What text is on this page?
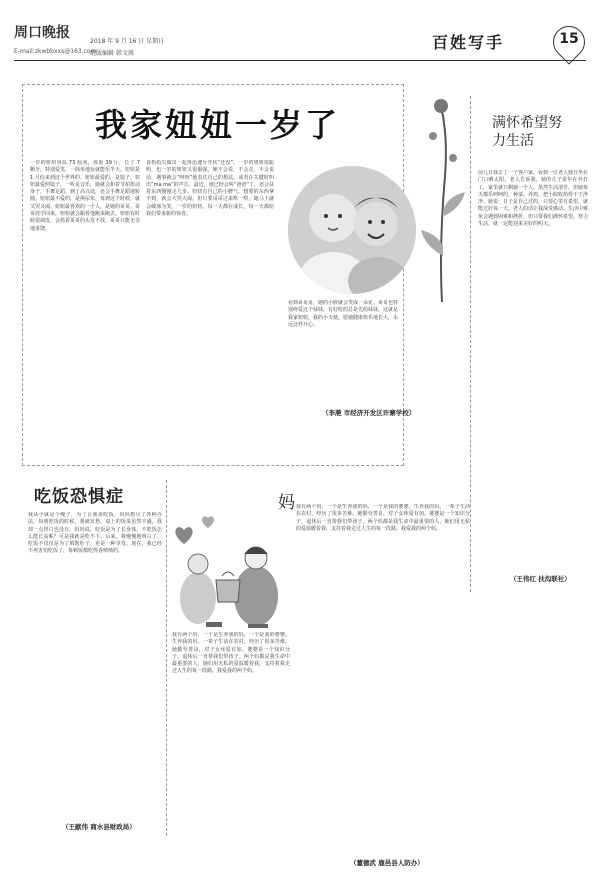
周口晚报
2018 年 9 月 16 日 星期日
E-mail:zkwbbxxs@163.com
组版编辑 韩文瑛
百姓写手	15
我家妞妞一岁了
一岁的妞妞身高 73 厘米，体重 39 斤，长了 7 颗牙，特别爱笑，一简单地玩就能乐半天。妞妞是 1 月份来到这个世界的。妞妞最爱的，是镜子。妞妞最爱照镜子，一听见音乐，她就会和着节拍扭动身子，手舞足蹈。到了高兴处，还会手舞足蹈地转圈。妞妞最不爱的，是换尿布，每到这个时候，就又哭又闹。妞妞最喜欢的一个人，是她的哥哥。哥哥放学回来，妞妞就会跟着他跑来跑去。妞妞有时候很调皮，会抓着哥哥的头发不放，哥哥只能无奈地求饶。
食指指尖做出一起再迅速分开状“还没”。一岁的妞妞很聪明，也一岁的妞妞又很倔强。她不会说，不会走，不会说话，遇事就会“呀呀”地表达自己的想法。或者在关键时叫出“ma ma”的声音。最近，她已经会叫“爸爸”了，还会扶着东西慢慢走几步。妞妞有自己的小脾气，想要的东西拿不到，就会大哭大闹。但只要哥哥过来哄一哄，她马上就会破涕为笑。一岁的妞妞，每一天都在成长，每一天都给我们带来新的惊喜。
看到哥哥哥，她的小脸就会笑成一朵花。哥哥也特别疼爱这个妹妹，有好吃的总是先给妹妹。这就是我家妞妞，我的小天使。愿她健康快乐地长大，永远这样开心。
（李滟 市经济开发区许寨学校）
满怀希望努力生活
前几日我去了一个客户家，看到一位老人独自坐在门口晒太阳。老人告诉我，她的儿子常年在外打工，家里就只剩她一个人。虽然生活清苦，但她每天都乐呵呵的，种菜、养鸡，把小院收拾得干干净净。她说：日子是自己过的，只要心里有希望，就能过好每一天。老人的话让我深受感动。生活中难免会遇到困难和挫折，但只要我们满怀希望，努力生活，就一定能迎来美好的明天。
（王伟红 扶沟联社）
吃饭恐惧症
我从小就是个瘦子，为了让我多吃饭，妈妈想尽了各种办法。每到吃饭的时候，我就发愁，桌上的饭菜虽然丰盛，我却一点胃口也没有。妈妈说，吃饭是为了长身体，不吃饭怎么能长高呢？可是我就是吃不下。后来，我慢慢地明白了，吃饭不仅仅是为了填饱肚子，更是一种享受。现在，我已经不再害怕吃饭了，每顿饭都吃得香喷喷的。
（王献伟 商水县财政局）
妈
我有两个妈，一个是生养我的妈，一个是我的婆婆。生养我的妈，一辈子生活在农村，经历了很多苦难。她勤劳善良，对子女疼爱有加。婆婆是一个知识分子，退休后一直帮我们带孩子。两个妈都是我生命中最重要的人，她们用无私的爱温暖着我，支持着我走过人生的每一段路。我爱我的两个妈。
我有两个妈，一个是生养我的妈，一个是我的婆婆。生养我的妈，一辈子生活在农村，经历了很多苦难。她勤劳善良，对子女疼爱有加。婆婆是一个知识分子，退休后一直帮我们带孩子。两个妈都是我生命中最重要的人，她们用无私的爱温暖着我，支持着我走过人生的每一段路。我爱我的两个妈。
（董德武 鹿邑县人防办）
